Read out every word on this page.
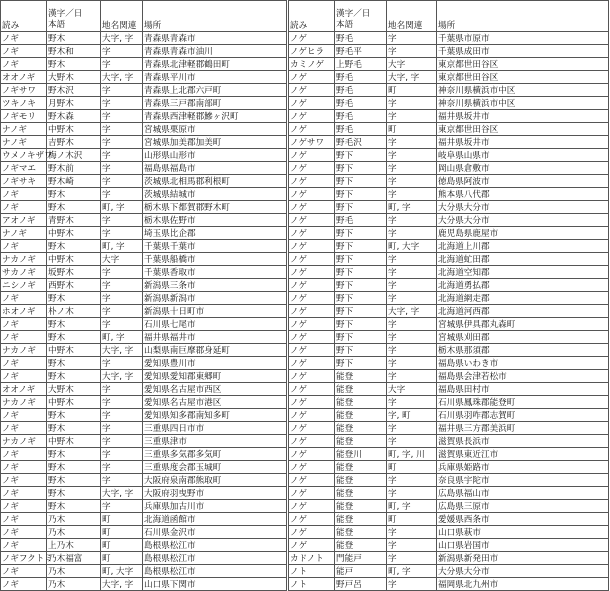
読み	漢字／日
本語	地名関連	場所
ノギ	野木	大字, 字	青森県青森市
ノギ	野木和	字	青森県青森市油川
ノギ	野木	字	青森県北津軽郡鶴田町
オオノギ	大野木	大字, 字	青森県平川市
ノギサワ	野木沢	字	青森県上北郡六戸町
ツキノキ	月野木	字	青森県三戸郡南部町
ノギモリ	野木森	字	青森県西津軽郡鰺ヶ沢町
ナノギ	中野木	字	宮城県栗原市
ナノギ	吉野木	字	宮城県加美郡加美町
ウメノキザワ	梅ノ木沢	字	山形県山形市
ノギマエ	野木前	字	福島県福島市
ノギサキ	野木崎	字	茨城県北相馬郡利根町
ノギ	野木	字	茨城県結城市
ノギ	野木	町, 字	栃木県下都賀郡野木町
アオノギ	青野木	字	栃木県佐野市
ナノギ	中野木	字	埼玉県比企郡
ノギ	野木	町, 字	千葉県千葉市
ナカノギ	中野木	大字	千葉県船橋市
サカノギ	坂野木	字	千葉県香取市
ニシノギ	西野木	字	新潟県三条市
ノギ	野木	字	新潟県新潟市
ホオノギ	朴ノ木	字	新潟県十日町市
ノギ	野木	字	石川県七尾市
ノギ	野木	町, 字	福井県福井市
ナカノギ	中野木	大字, 字	山梨県南巨摩郡身延町
ノギ	野木	字	愛知県豊川市
ノギ	野木	大字, 字	愛知県愛知郡東郷町
オオノギ	大野木	字	愛知県名古屋市西区
ナカノギ	中野木	字	愛知県名古屋市港区
ノギ	野木	字	愛知県知多郡南知多町
ノギ	野木	字	三重県四日市市
ナカノギ	中野木	字	三重県津市
ノギ	野木	字	三重県多気郡多気町
ノギ	野木	字	三重県度会郡玉城町
ノギ	野木	字	大阪府泉南郡熊取町
ノギ	野木	大字, 字	大阪府羽曳野市
ノギ	野木	字	兵庫県加古川市
ノギ	乃木	町	北海道函館市
ノギ	乃木	町	石川県金沢市
ノギ	上乃木	町	島根県松江市
ノギフクトミ	乃木福富	町	島根県松江市
ノギ	乃木	町, 大字	島根県松江市
ノギ	乃木	大字, 字	山口県下関市
読み	漢字／日
本語	地名関連	場所
ノゲ	野毛	字	千葉県市原市
ノゲヒラ	野毛平	字	千葉県成田市
カミノゲ	上野毛	大字	東京都世田谷区
ノゲ	野毛	大字, 字	東京都世田谷区
ノゲ	野毛	町	神奈川県横浜市中区
ノゲ	野毛	字	神奈川県横浜市中区
ノゲ	野毛	字	福井県坂井市
ノゲ	野毛	町	東京都世田谷区
ノゲサワ	野毛沢	字	福井県坂井市
ノゲ	野下	字	岐阜県山県市
ノゲ	野下	字	岡山県倉敷市
ノゲ	野下	字	徳島県阿波市
ノゲ	野下	字	熊本県八代郡
ノゲ	野下	町, 字	大分県大分市
ノゲ	野毛	字	大分県大分市
ノゲ	野下	字	鹿児島県鹿屋市
ノゲ	野下	町, 大字	北海道上川郡
ノゲ	野下	字	北海道虻田郡
ノゲ	野下	字	北海道空知郡
ノゲ	野下	字	北海道勇払郡
ノゲ	野下	字	北海道網走郡
ノゲ	野下	大字, 字	北海道河西郡
ノゲ	野下	字	宮城県伊具郡丸森町
ノゲ	野下	字	宮城県刈田郡
ノゲ	野下	字	栃木県那須郡
ノゲ	野下	字	福島県いわき市
ノゲ	能登	字	福島県会津若松市
ノゲ	能登	大字	福島県田村市
ノゲ	能登	字	石川県鳳珠郡能登町
ノゲ	能登	字, 町	石川県羽咋郡志賀町
ノゲ	能登	字	福井県三方郡美浜町
ノゲ	能登	字	滋賀県長浜市
ノゲ	能登川	町, 字, 川	滋賀県東近江市
ノゲ	能登	町	兵庫県姫路市
ノゲ	能登	字	奈良県宇陀市
ノゲ	能登	字	広島県福山市
ノゲ	能登	町, 字	広島県三原市
ノゲ	能登	町	愛媛県西条市
ノゲ	能登	字	山口県萩市
ノゲ	能登	字	山口県岩国市
カドノト	門能戸	字	新潟県新発田市
ノト	能戸	町, 字	大分県大分市
ノト	野戸呂	字	福岡県北九州市
